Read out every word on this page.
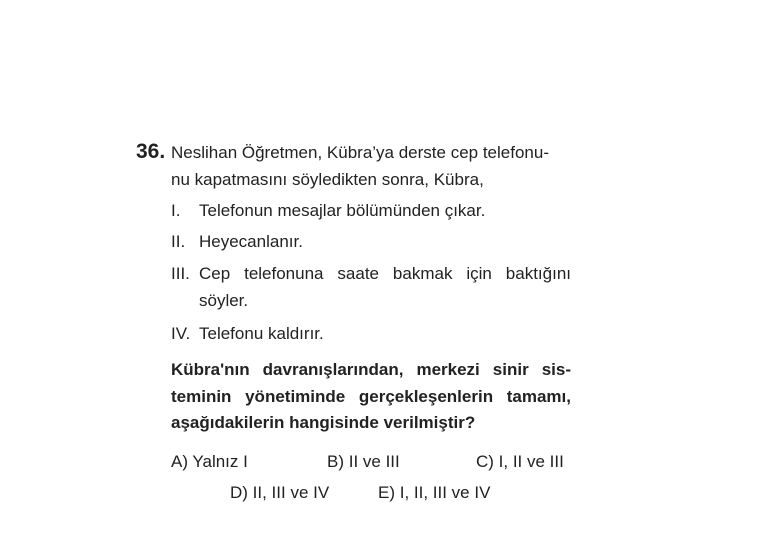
36. Neslihan Öğretmen, Kübra’ya derste cep telefonu-
nu kapatmasını söyledikten sonra, Kübra,
I. Telefonun mesajlar bölümünden çıkar.
II. Heyecanlanır.
III. Cep telefonuna saate bakmak için baktığını
söyler.
IV. Telefonu kaldırır.
Kübra'nın davranışlarından, merkezi sinir sis-
teminin yönetiminde gerçekleşenlerin tamamı,
aşağıdakilerin hangisinde verilmiştir?
A) Yalnız I	B) II ve III	C) I, II ve III
D) II, III ve IV	E) I, II, III ve IV
